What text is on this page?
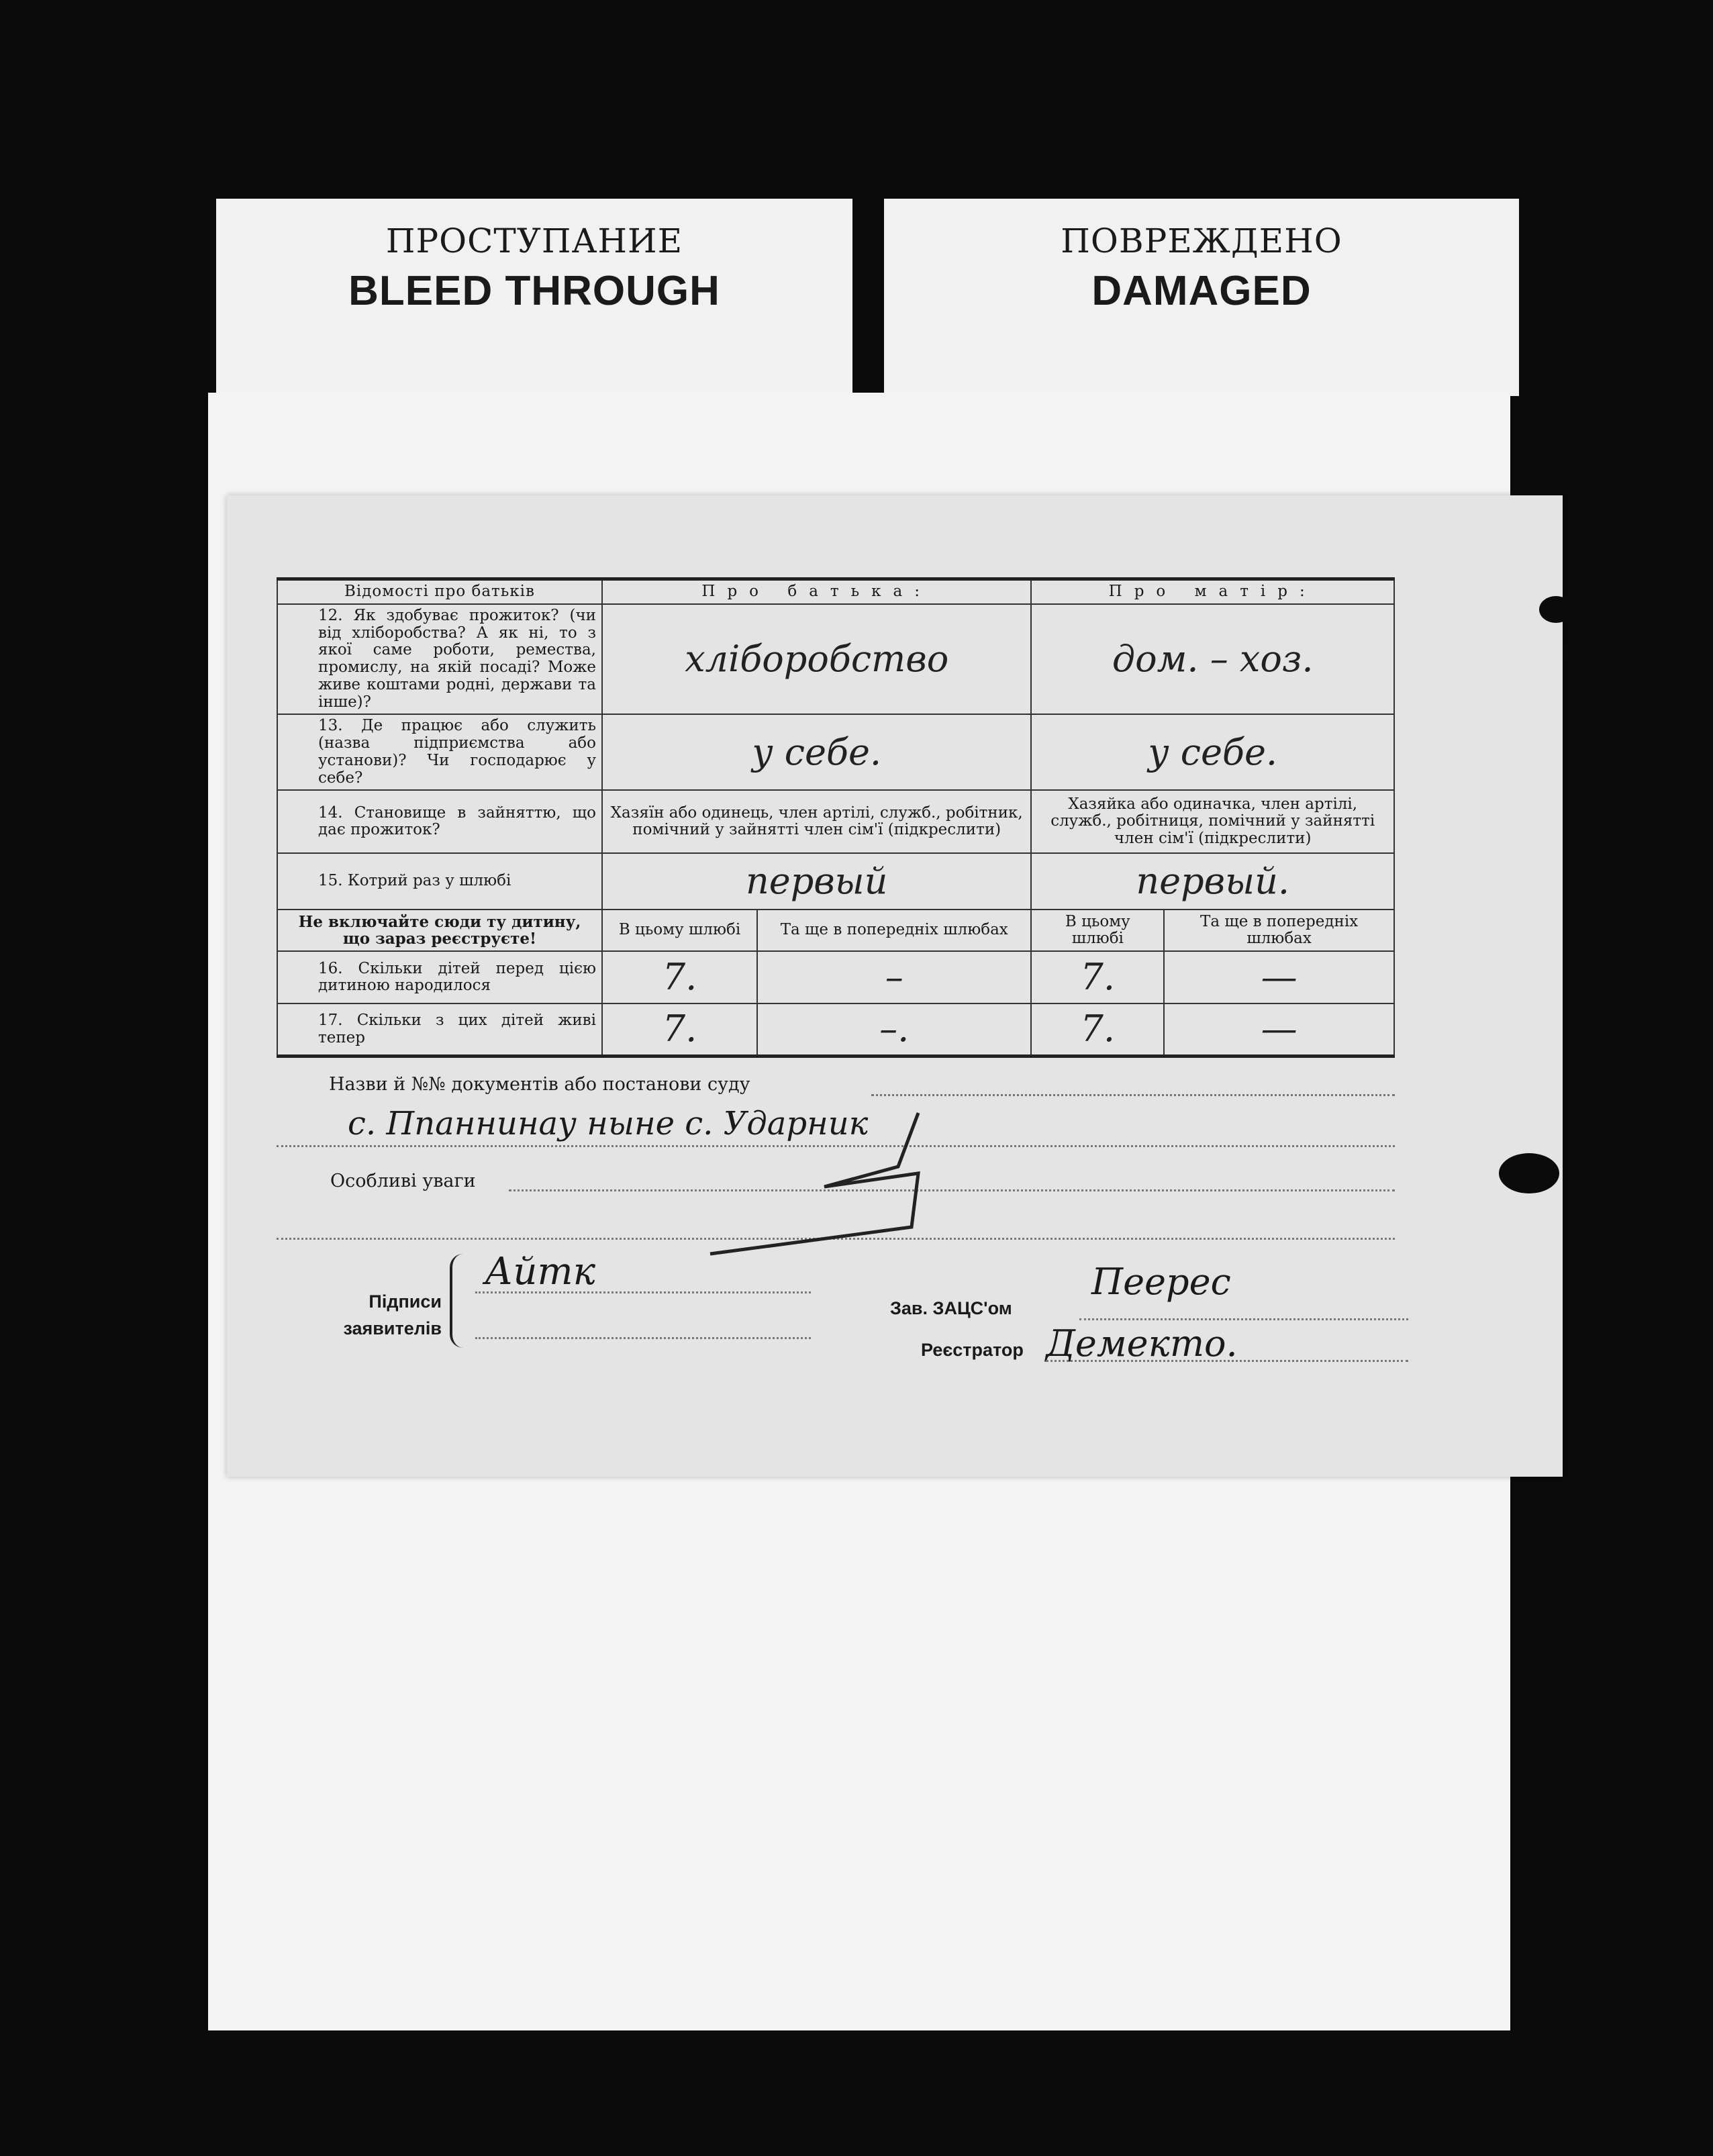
ПРОСТУПАНИЕ
BLEED THROUGH
ПОВРЕЖДЕНО
DAMAGED
Відомості про батьків	Про батька:		Про матір:	
12. Як здобуває прожиток? (чи від хліборобства? А як ні, то з якої саме роботи, ремества, промислу, на якій посаді? Може живе коштами родні, держави та інше)?	хліборобство		дом. – хоз.	
13. Де працює або служить (назва підприємства або установи)? Чи господарює у себе?	у себе.		у себе.	
14. Становище в зайняттю, що дає прожиток?	Хазяїн або одинець, член артілі, служб., робітник, помічний у зайнятті член сім'ї (підкреслити)		Хазяйка або одиначка, член артілі, служб., робітниця, помічний у зайнятті член сім'ї (підкреслити)	
15. Котрий раз у шлюбі	первый		первый.	
Не включайте сюди ту дитину, що зараз реєструєте!	В цьому шлюбі	Та ще в попередніх шлюбах	В цьому шлюбі	Та ще в попередніх шлюбах
16. Скільки дітей перед цією дитиною народилося	7.	–	7.	—
17. Скільки з цих дітей живі тепер	7.	–.	7.	—
Назви й №№ документів або постанови суду
с. Ппаннинау ныне с. Ударник
Особливі уваги
Підписи
заявителів
Айтк
Зав. ЗАЦС'ом
Пеерес
Реєстратор Демекто.
